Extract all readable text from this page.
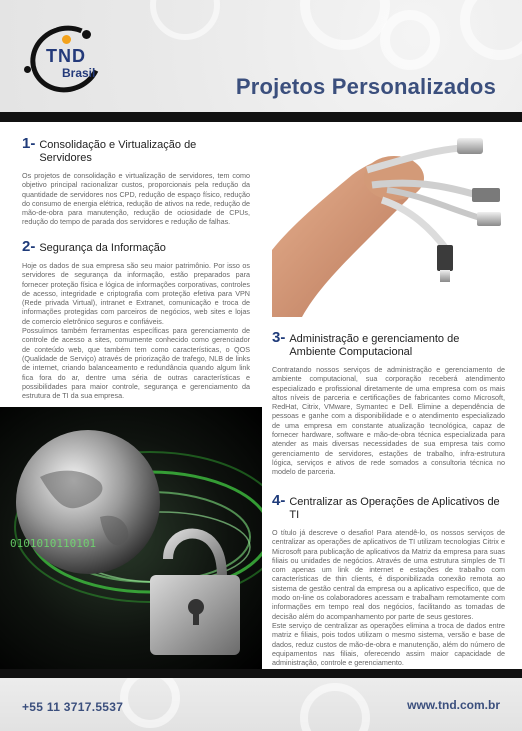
TND
Brasil
Projetos Personalizados
1- Consolidação e Virtualização de Servidores

Os projetos de consolidação e virtualização de servidores, tem como objetivo principal racionalizar custos, proporcionais pela redução da quantidade de servidores nos CPD, redução de espaço físico, redução do consumo de energia elétrica, redução de ativos na rede, redução de mão-de-obra para manutenção, redução de ociosidade de CPUs, redução do tempo de parada dos servidores e redução de falhas.

2- Segurança da Informação

Hoje os dados de sua empresa são seu maior patrimônio. Por isso os servidores de segurança da informação, estão preparados para fornecer proteção física e lógica de informações corporativas, controles de acesso, integridade e criptografia com proteção efetiva para VPN (Rede privada Virtual), intranet e Extranet, comunicação e troca de informações protegidas com parceiros de negócios, web sites e lojas de comercio eletrônico seguros e confiáveis.

Possuímos também ferramentas específicas para gerenciamento de controle de acesso a sites, comumente conhecido como gerenciador de conteúdo web, que também tem como características, o QOS (Qualidade de Serviço) através de priorização de trafego, NLB de links de internet, criando balanceamento e redundância quando algum link fica fora do ar, dentre uma séria de outras características e possibilidades para maior controle, segurança e gerenciamento da estrutura de TI da sua empresa.

3- Administração e gerenciamento de Ambiente Computacional

Contratando nossos serviços de administração e gerenciamento de ambiente computacional, sua corporação receberá atendimento especializado e profissional diretamente de uma empresa com os mais altos níveis de parceria e certificações de fabricantes como Microsoft, RedHat, Citrix, VMware, Symantec e Dell. Elimine a dependência de pessoas e ganhe com a disponibilidade e o atendimento especializado de uma empresa em constante atualização tecnológica, capaz de fornecer hardware, software e mão-de-obra técnica especializada para atender as mais diversas necessidades de sua empresa tais como gerenciamento de servidores, estações de trabalho, infra-estrutura lógica, serviços e ativos de rede somados a consultoria técnica no modelo de parceria.

0101010110101
4- Centralizar as Operações de Aplicativos de TI

O título já descreve o desafio! Para atendê-lo, os nossos serviços de centralizar as operações de aplicativos de TI utilizam tecnologias Citrix e Microsoft para publicação de aplicativos da Matriz da empresa para suas filiais ou unidades de negócios. Através de uma estrutura simples de TI com apenas um link de internet e estações de trabalho com características de thin clients, é disponibilizada conexão remota ao sistema de gestão central da empresa ou a aplicativo específico, que de modo on-line os colaboradores acessam e trabalham remotamente com informações em tempo real dos negócios, facilitando as tomadas de decisão além do acompanhamento por parte de seus gestores.

Este serviço de centralizar as operações elimina a troca de dados entre matriz e filiais, pois todos utilizam o mesmo sistema, versão e base de dados, reduz custos de mão-de-obra e manutenção, além do número de equipamentos nas filiais, oferecendo assim maior capacidade de administração, controle e gerenciamento.

+55 11 3717.5537	www.tnd.com.br
